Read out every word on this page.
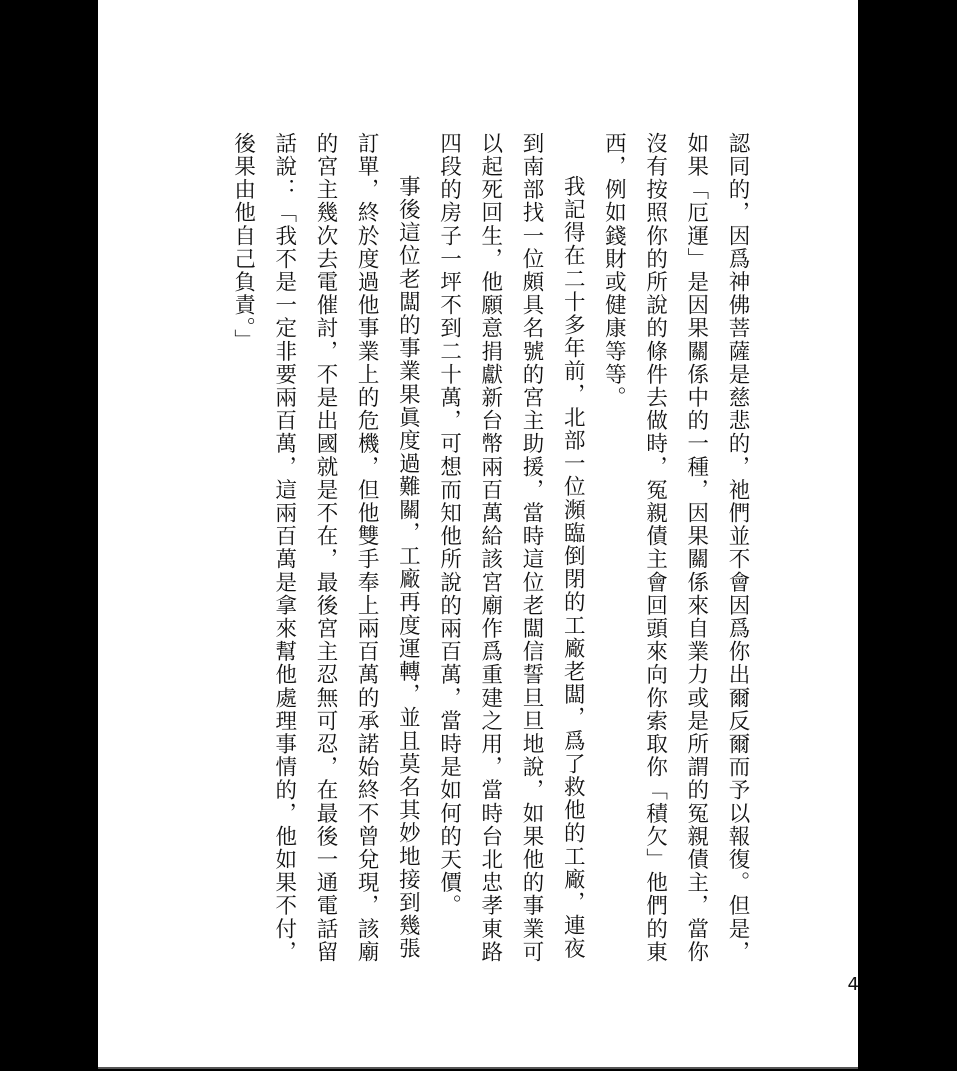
認同的，因爲神佛菩薩是慈悲的，祂們並不會因爲你出爾反爾而予以報復。但是，如果「厄運」是因果關係中的一種，因果關係來自業力或是所謂的冤親債主，當你沒有按照你的所說的條件去做時，冤親債主會回頭來向你索取你「積欠」他們的東西，例如錢財或健康等等。

我記得在二十多年前，北部一位瀕臨倒閉的工廠老闆，爲了救他的工廠，連夜到南部找一位頗具名號的宮主助援，當時這位老闆信誓旦旦地說，如果他的事業可以起死回生，他願意捐獻新台幣兩百萬給該宮廟作爲重建之用，當時台北忠孝東路四段的房子一坪不到二十萬，可想而知他所說的兩百萬，當時是如何的天價。

事後這位老闆的事業果眞度過難關，工廠再度運轉，並且莫名其妙地接到幾張訂單，終於度過他事業上的危機，但他雙手奉上兩百萬的承諾始終不曾兌現，該廟的宮主幾次去電催討，不是出國就是不在，最後宮主忍無可忍，在最後一通電話留話說：「我不是一定非要兩百萬，這兩百萬是拿來幫他處理事情的，他如果不付，後果由他自己負責。」

4
